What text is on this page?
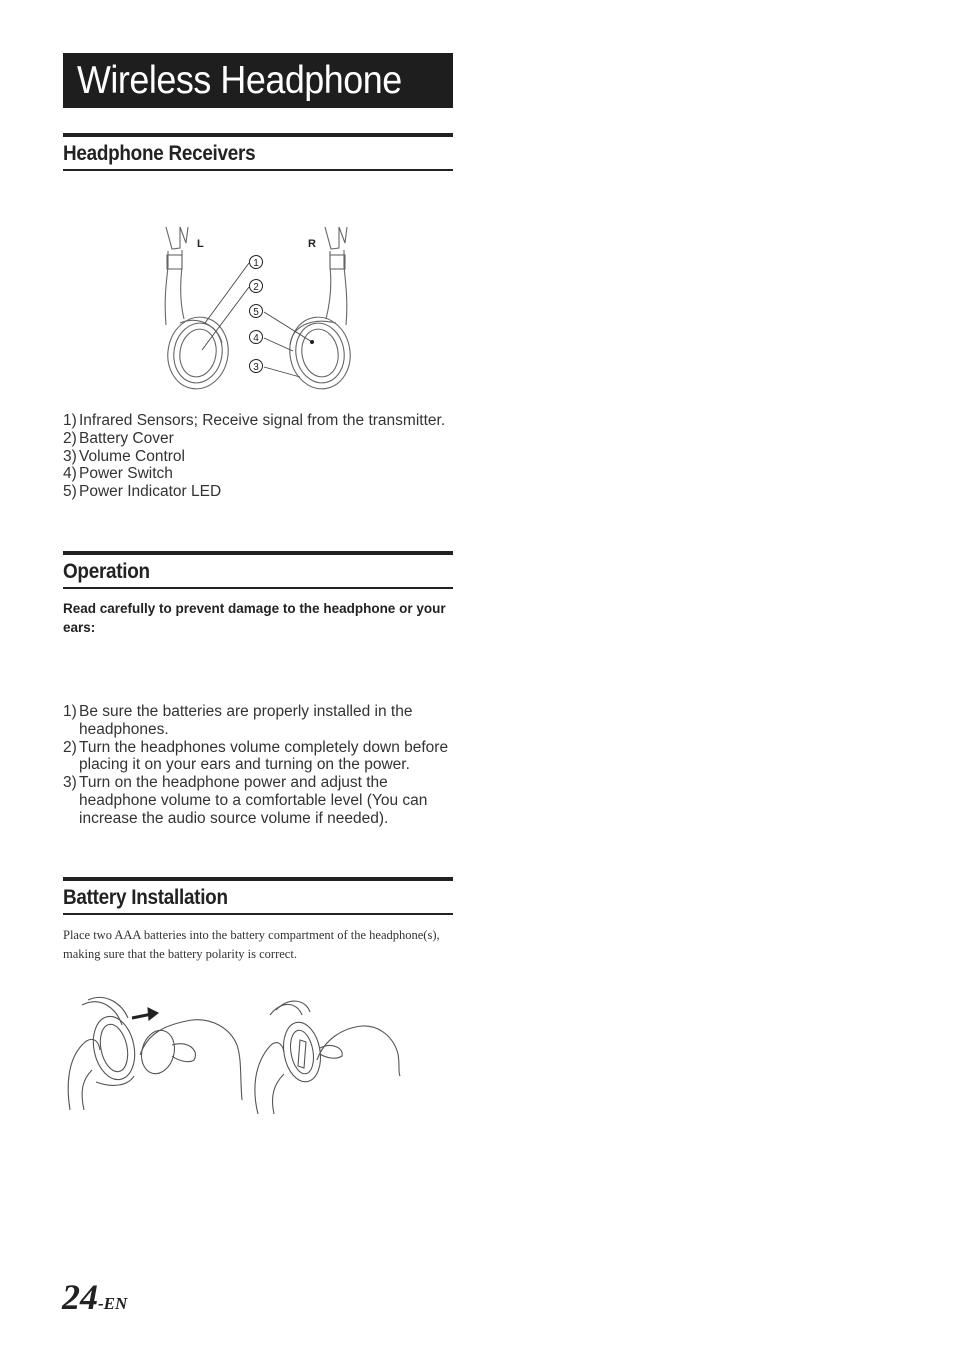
Wireless Headphone
Headphone Receivers
L	R
1
2
5
4
3
1) Infrared Sensors; Receive signal from the transmitter.
2) Battery Cover
3) Volume Control
4) Power Switch
5) Power Indicator LED
Operation
Read carefully to prevent damage to the headphone or your ears:
1) Be sure the batteries are properly installed in the headphones.
2) Turn the headphones volume completely down before placing it on your ears and turning on the power.
3) Turn on the headphone power and adjust the headphone volume to a comfortable level (You can increase the audio source volume if needed).
Battery Installation
Place two AAA batteries into the battery compartment of the headphone(s), making sure that the battery polarity is correct.
24-EN
